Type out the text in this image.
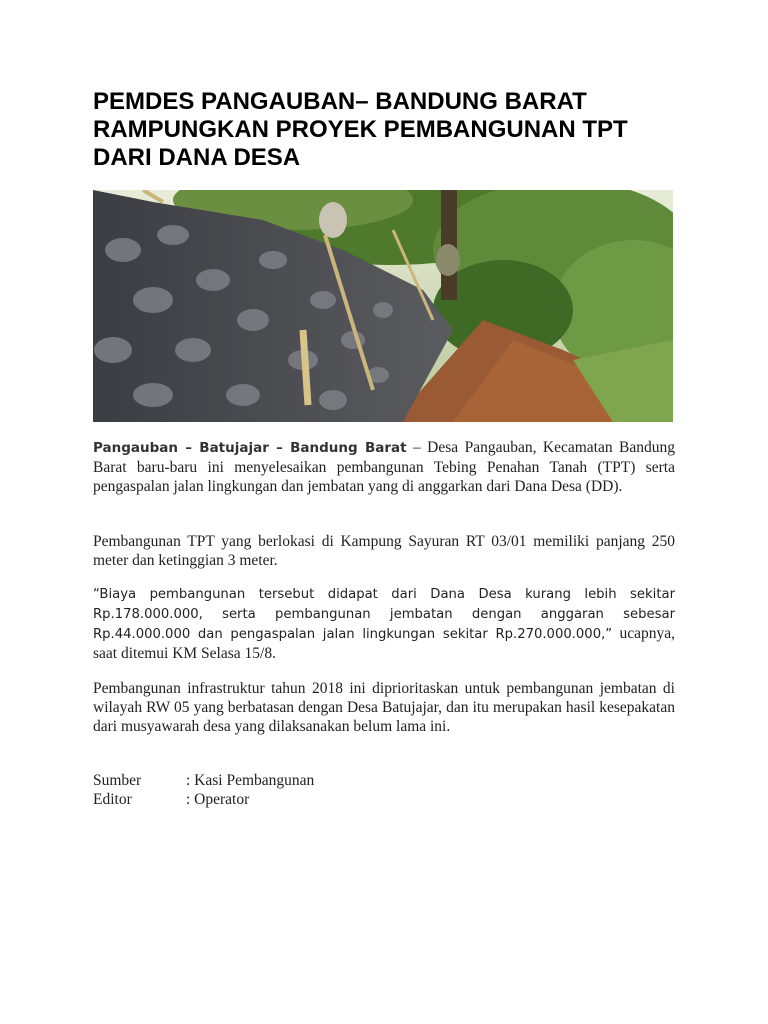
PEMDES PANGAUBAN– BANDUNG BARAT
RAMPUNGKAN PROYEK PEMBANGUNAN TPT
DARI DANA DESA

Pangauban – Batujajar – Bandung Barat – Desa Pangauban, Kecamatan Bandung Barat baru-baru ini menyelesaikan pembangunan Tebing Penahan Tanah (TPT) serta pengaspalan jalan lingkungan dan jembatan yang di anggarkan dari Dana Desa (DD).

Pembangunan TPT yang berlokasi di Kampung Sayuran RT 03/01 memiliki panjang 250 meter dan ketinggian 3 meter.

“Biaya pembangunan tersebut didapat dari Dana Desa kurang lebih sekitar Rp.178.000.000, serta pembangunan jembatan dengan anggaran sebesar Rp.44.000.000 dan pengaspalan jalan lingkungan sekitar Rp.270.000.000,” ucapnya, saat ditemui KM Selasa 15/8.

Pembangunan infrastruktur tahun 2018 ini diprioritaskan untuk pembangunan jembatan di wilayah RW 05 yang berbatasan dengan Desa Batujajar, dan itu merupakan hasil kesepakatan dari musyawarah desa yang dilaksanakan belum lama ini.

Sumber	: Kasi Pembangunan
Editor	: Operator
